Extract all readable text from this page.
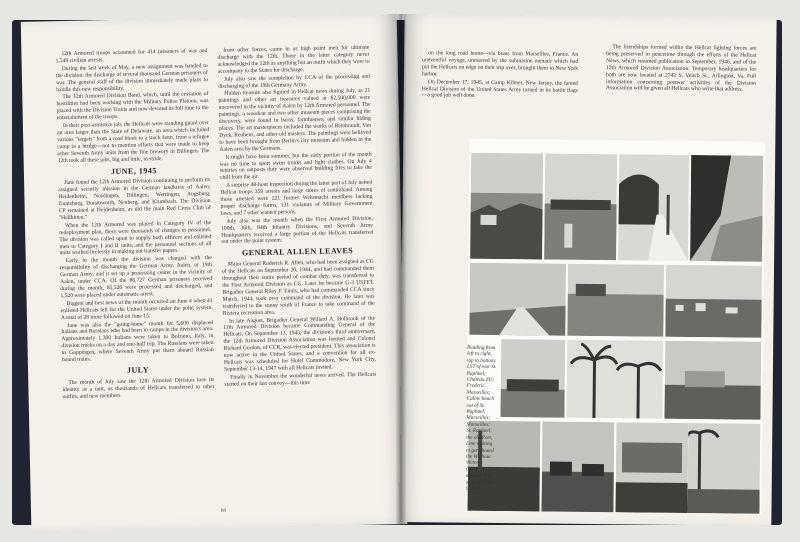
12th Armored troops accounted for 414 prisoners of war and 1,549 civilian arrests.

During the last week of May, a new assignment was handed to the division: the discharge of several thousand German prisoners of war. The general staff of the division immediately made plans to handle this new responsibility.

The 12th Armored Division Band, which, until the cessation of hostilities had been working with the Military Police Platoon, was placed with the Division Trains and now devoted its full time to the entertainment of the troops.

In their post-armistice job, the Hellcats were standing guard over an area larger than the State of Delaware, an area which included various "targets" from a road block to a stock farm, from a refugee camp to a bridge—not to mention efforts that were made to keep other Seventh Army units from the fine brewery in Dillingen. The 12th took all these jobs, big and little, in stride.

JUNE, 1945

June found the 12th Armored Division continuing to perform its assigned security mission in the German landkreis of Aalen, Heidenheim, Nordingen, Dillingen, Wertingen, Augsburg, Guntsburg, Donauworth, Neuberg, and Krumbach. The Division CP remained at Heidenheim, as did the main Red Cross Club of "Hellkitten."

When the 12th Armored was placed in Category IV of the redeployment plan, there were thousands of changes in personnel. The division was called upon to supply both officers and enlisted men to Category I and II units, and the personnel sections of all units worked tirelessly in making out transfer papers.

Early in the month the division was charged with the responsibility of discharging the German Army. Aalen, or 19th German Army, and it set up a processing center in the vicinity of Aalen, under CCA. Of the 86,727 German prisoners received during the month, 85,526 were processed and discharged, and 1,520 were placed under automatic arrest.

Biggest and best news of the month occurred on June 4 when 41 enlisted Hellcats left for the United States under the point system. A total of 28 more followed on June 15.

June was also the "going-home" month for 5,600 displaced Italians and Russians who had been in camps in the division's area. Approximately 1,300 Italians were taken to Bolzano, Italy, in division trucks on a day and one-half trip. The Russians were taken to Goppingen, where Seventh Army put them aboard Russian bound trains.

JULY

The month of July saw the 12th Armored Division lose its identity as a unit, as thousands of Hellcats transferred to other outfits, and new members

from other forces, came in as high point men for ultimate discharge with the 12th. Those in the latter category never acknowledged the 12th as anything but an outfit which they were to accompany to the States for discharge.

July also saw the completion by CCA of the processing and discharging of the 19th Germany Army.

Hidden treasure also figured in Hellcat news during July, as 21 paintings and other art treasures valued at $2,500,000 were uncovered in the vicinity of Aalen by 12th Armored personnel. The paintings, a woodcut and two other museum pieces comprising the discovery, were found in barns, farmhouses, and similar hiding places. The art masterpieces included the works of Rembrandt, Van Dyck, Reubens, and other old masters. The paintings were believed to have been brought from Berlin's city museum and hidden in the Aalen area by the Germans.

It might have been summer, but the early portion of the month was no time to sport swim trunks and light clothes. On July 4 sentries on outposts duty were observed building fires to take the chill from the air.

A surprise 48-hour inspection during the latter part of July netted Hellcat troops 359 arrests and large stores of contraband. Among those arrested were 221 former Wehrmacht members lacking proper discharge forms, 131 violators of Military Government laws, and 7 other wanted persons.

July also was the month when the First Armored Division, 100th, 36th, 84th Infantry Divisions, and Seventh Army Headquarters received a large portion of the Hellcats transferred out under the point system.

GENERAL ALLEN LEAVES

Major General Roderick R. Allen, who had been assigned as CG of the Hellcats on September 20, 1944, and had commanded them throughout their entire period of combat duty, was transferred to the First Armored Division as CG. Later he became G-3 USFET. Brigadier General Riley F. Ennis, who had commanded CCA since March, 1944, took over command of the division. He later was transferred to the sunny south of France to take command of the Riviera recreation area.

In late August, Brigadier General Willard A. Holbrook of the 11th Armored Division became Commanding General of the Hellcats. On September 13, 1945, the division's third anniversary, the 12th Armored Division Association was formed and Colonel Richard Gordon, of CCR, was elected president. This association is now active in the United States, and a convention for all ex-Hellcats was scheduled for Hotel Commodore, New York City, September 13-14, 1947 with all Hellcats invited.

Finally in November the wonderful news arrived. The Hellcats started on their last convoy—this time

88

on the long road home—via boats from Marseilles, France. An uneventful voyage, unmarred by the submarine menace which had put the Hellcats on edge on their trip over, brought them to New York harbor.

On December 17, 1945, at Camp Kilmer, New Jersey, the famed Hellcat Division of the United States Army turned in its battle flags—a good job well done.

The friendships formed within the Hellcat fighting forces are being preserved in peacetime through the efforts of the Hellcat News, which resumed publication in September, 1946, and of the 12th Armored Division Association. Temporary headquarters for both are now located at 2742 S. Veitch St., Arlington, Va. Full information concerning postwar activities of the Division Association will be given all Hellcats who write that address.

Reading from left to right, top to bottom: LST of war St. Raphael; Chateau ZU; Frederic Marseilles; Caline beach cut of St. Raphael; Marseilles; Marseilles; St. Raphael; the old Port, Line waiting to get aboard the Wichour Victory; Coming aboard; the waterfront at Cannes.
